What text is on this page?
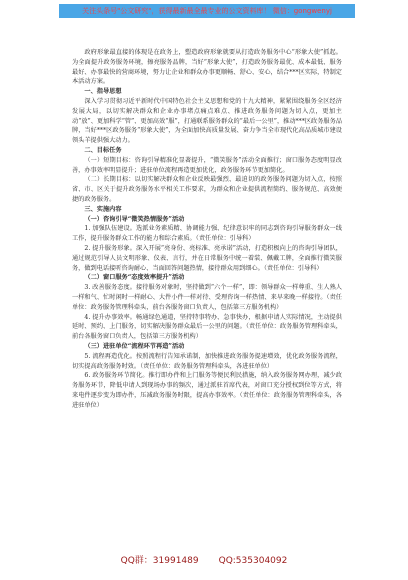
关注头条号"公文研究"，获得最新最全最专业的公文资料库！ 微信：gongwenyj

政府形象最直接的体现是在政务上，塑造政府形象就要从打造政务服务中心“形象大使”抓起。为全面提升政务服务环境，擦亮服务品牌，当好“形象大使”，打造政务服务最优、成本最低、服务最好、办事最快的营商环境，努力让企业和群众办事更顺畅、舒心、安心，结合***区实际，特制定本活动方案。

一、指导思想

深入学习贯彻习近平新时代中国特色社会主义思想和党的十九大精神，紧紧围绕服务全区经济发展大局，以切实解决群众和企业办事堵点痛点难点、推进政务服务问题为切入点，更加主动“放”、更加科学“管”、更加高效“服”，打通联系服务群众的“最后一公里”，推动***区政务服务品牌，当好***区政务服务“形象大使”，为全面加快高质量发展、奋力争当全市现代化高品质城市建设领头羊提供强大动力。

二、目标任务

（一）短期目标：咨询引导精准化显著提升，“微笑服务”活动全面推行；窗口服务态度明显改善，办事效率明显提升；进驻单位流程再造更加优化，政务服务环节更加简化。

（二）长期目标：以切实解决群众和企业反映最强烈、最迫切的政务服务问题为切入点，按照省、市、区关于提升政务服务水平相关工作要求，为群众和企业提供流程简约、服务规范、高效便捷的政务服务。

三、实施内容

（一）咨询引导“微笑热情服务”活动

1. 加强队伍建设。选派业务素质精、协调能力强、纪律意识牢的同志到咨询引导服务群众一线工作，提升服务群众工作的能力和综合素质。（责任单位：引导科）

2. 提升服务形象。深入开展“亮身份、亮标准、亮承诺”活动，打造积极向上的咨询引导团队，通过规范引导人员文明形象、仪表、言行，并在日常服务中统一着装、佩戴工牌，全面推行微笑服务，做到电话接听咨询耐心、当面回答问题热情，接待群众用到细心。（责任单位：引导科）

（二）窗口服务“态度效率提升”活动

3. 改善服务态度。接待服务对象时，坚持做到“六个一样”，即：领导群众一样尊重、生人熟人一样和气、忙时闲时一样耐心、大件小件一样对待、受理咨询一样热情、来早来晚一样接待。（责任单位：政务服务管理科牵头，前台各服务窗口负责人，包括第三方服务机构）

4. 提升办事效率。畅通绿色通道，坚持特事特办、急事快办，根据申请人实际情况，主动提供延时、预约、上门服务，切实解决服务群众最后一公里的问题。（责任单位：政务服务管理科牵头，前台各服务窗口负责人，包括第三方服务机构）

（三）进驻单位“流程环节再造”活动

5. 流程再造优化。按照流程行告知承诺制，加快推进政务服务提速增效，优化政务服务流程，切实提高政务服务时效。（责任单位：政务服务管理科牵头，各进驻单位）

6. 政务服务环节简化。推行即办件和上门服务等便民利民措施，纳入政务服务网办理，减少政务服务环节，降低申请人到现场办事的频次，通过派驻首席代表，对窗口充分授权到位等方式，将来电件逐步变为即办件，压减政务服务时限，提高办事效率。（责任单位：政务服务管理科牵头，各进驻单位）

QQ群：31991489 QQ:535304092
